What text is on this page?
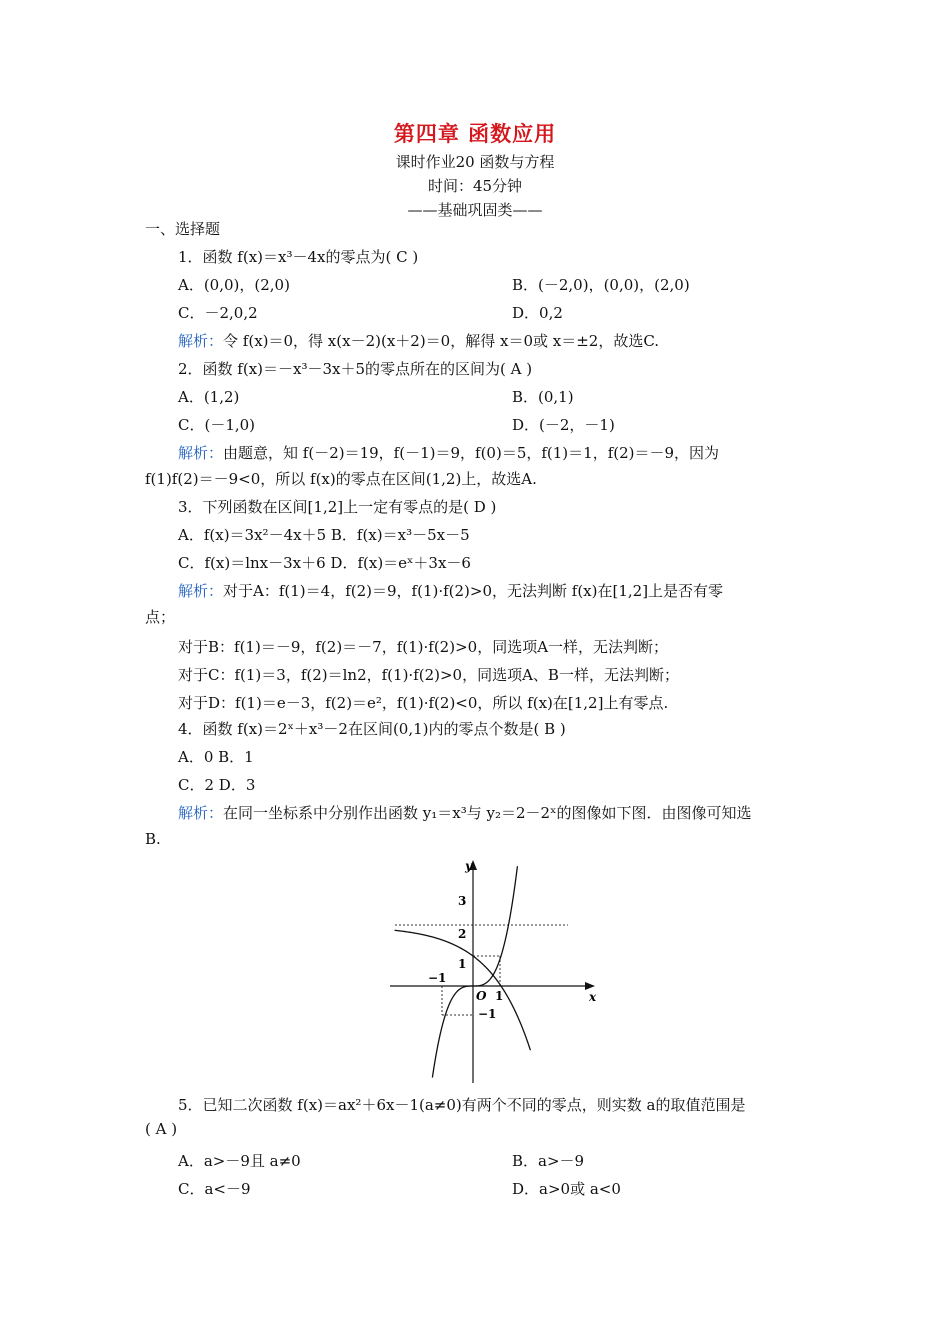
第四章 函数应用
课时作业20 函数与方程
时间：45分钟
——基础巩固类——
一、选择题
1．函数 f(x)＝x³－4x的零点为( C )
A．(0,0)，(2,0)	B．(－2,0)，(0,0)，(2,0)
C．－2,0,2	D．0,2
解析：令 f(x)＝0，得 x(x－2)(x＋2)＝0，解得 x＝0或 x＝±2，故选C.
2．函数 f(x)＝－x³－3x＋5的零点所在的区间为( A )
A．(1,2)	B．(0,1)
C．(－1,0)	D．(－2，－1)
解析：由题意，知 f(－2)＝19，f(－1)＝9，f(0)＝5，f(1)＝1，f(2)＝－9，因为
f(1)f(2)＝－9<0，所以 f(x)的零点在区间(1,2)上，故选A.
3．下列函数在区间[1,2]上一定有零点的是( D )
A．f(x)＝3x²－4x＋5 B．f(x)＝x³－5x－5
C．f(x)＝lnx－3x＋6 D．f(x)＝eˣ＋3x－6
解析：对于A：f(1)＝4，f(2)＝9，f(1)·f(2)>0，无法判断 f(x)在[1,2]上是否有零
点；
对于B：f(1)＝－9，f(2)＝－7，f(1)·f(2)>0，同选项A一样，无法判断；
对于C：f(1)＝3，f(2)＝ln2，f(1)·f(2)>0，同选项A、B一样，无法判断；
对于D：f(1)＝e－3，f(2)＝e²，f(1)·f(2)<0，所以 f(x)在[1,2]上有零点.
4．函数 f(x)＝2ˣ＋x³－2在区间(0,1)内的零点个数是( B )
A．0 B．1
C．2 D．3
解析：在同一坐标系中分别作出函数 y₁＝x³与 y₂＝2－2ˣ的图像如下图．由图像可知选
B.
y
x
O
3
2
1
−1
−1
1
5．已知二次函数 f(x)＝ax²＋6x－1(a≠0)有两个不同的零点，则实数 a的取值范围是
( A )
A．a>－9且 a≠0	B．a>－9
C．a<－9	D．a>0或 a<0
